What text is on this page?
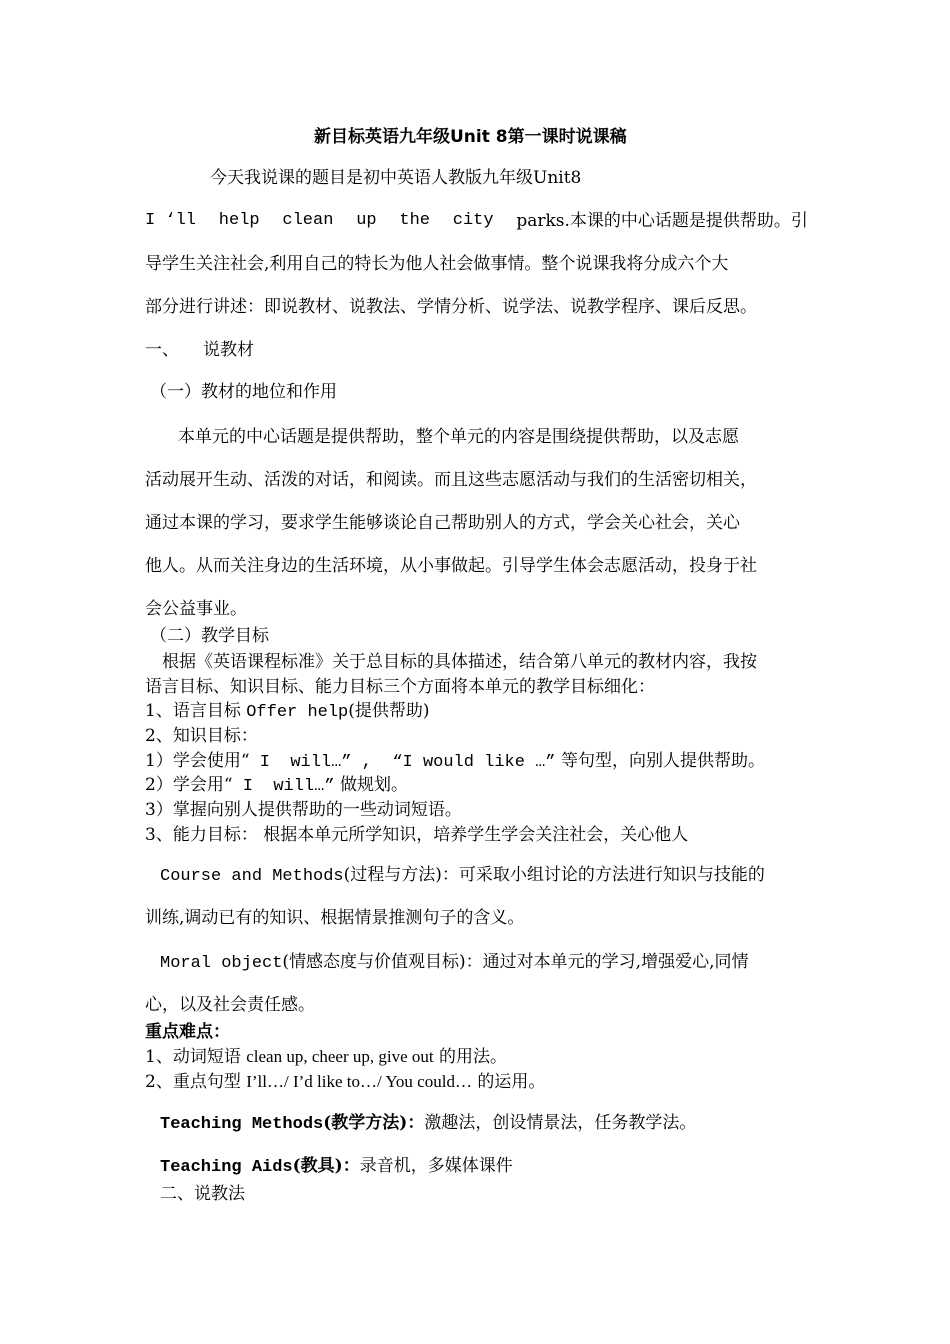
新目标英语九年级Unit 8第一课时说课稿
今天我说课的题目是初中英语人教版九年级Unit8
I ‘ll help clean up the city parks.本课的中心话题是提供帮助。引
导学生关注社会,利用自己的特长为他人社会做事情。整个说课我将分成六个大
部分进行讲述：即说教材、说教法、学情分析、说学法、说教学程序、课后反思。
一、 说教材
（一）教材的地位和作用
本单元的中心话题是提供帮助，整个单元的内容是围绕提供帮助，以及志愿
活动展开生动、活泼的对话，和阅读。而且这些志愿活动与我们的生活密切相关，
通过本课的学习，要求学生能够谈论自己帮助别人的方式，学会关心社会，关心
他人。从而关注身边的生活环境，从小事做起。引导学生体会志愿活动，投身于社
会公益事业。
（二）教学目标
根据《英语课程标准》关于总目标的具体描述，结合第八单元的教材内容，我按
语言目标、知识目标、能力目标三个方面将本单元的教学目标细化：
1、语言目标 Offer help(提供帮助)
2、知识目标：
1）学会使用“ I  will…” ,  “I would like …” 等句型，向别人提供帮助。
2）学会用“ I  will…” 做规划。
3）掌握向别人提供帮助的一些动词短语。
3、能力目标： 根据本单元所学知识，培养学生学会关注社会，关心他人
Course and Methods(过程与方法)：可采取小组讨论的方法进行知识与技能的
训练,调动已有的知识、根据情景推测句子的含义。
Moral object(情感态度与价值观目标)：通过对本单元的学习,增强爱心,同情
心，以及社会责任感。
重点难点：
1、动词短语 clean up, cheer up, give out 的用法。
2、重点句型 I’ll…/ I’d like to…/ You could… 的运用。
Teaching Methods(教学方法)：激趣法，创设情景法，任务教学法。
Teaching Aids(教具)：录音机，多媒体课件
二、说教法
